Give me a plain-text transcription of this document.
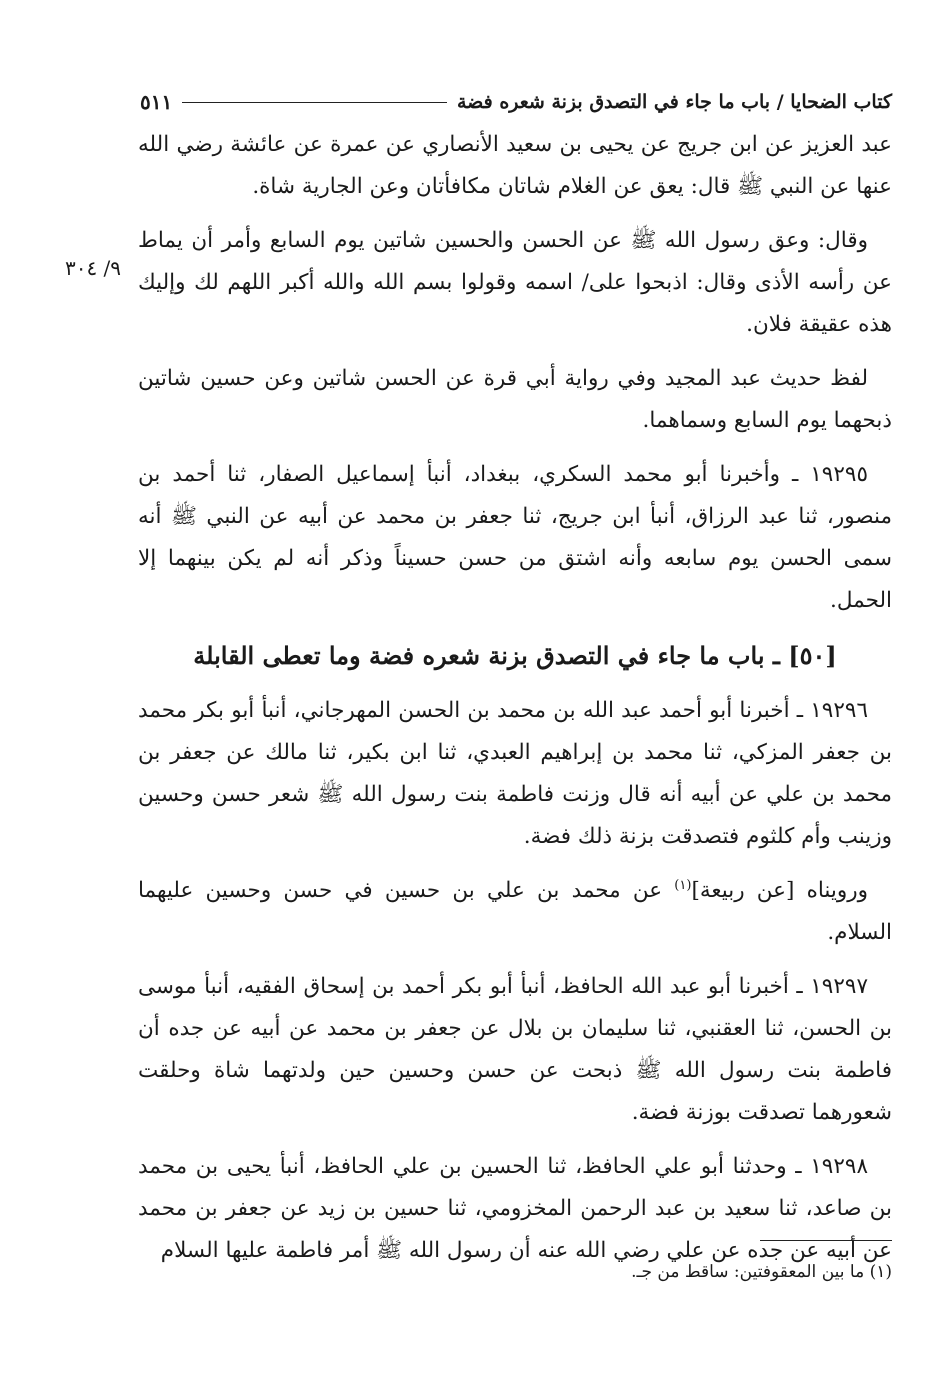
كتاب الضحايا / باب ما جاء في التصدق بزنة شعره فضة
٥١١
٩/ ٣٠٤

عبد العزيز عن ابن جريج عن يحيى بن سعيد الأنصاري عن عمرة عن عائشة رضي الله عنها عن النبي ﷺ قال: يعق عن الغلام شاتان مكافأتان وعن الجارية شاة.

وقال: وعق رسول الله ﷺ عن الحسن والحسين شاتين يوم السابع وأمر أن يماط عن رأسه الأذى وقال: اذبحوا على/ اسمه وقولوا بسم الله والله أكبر اللهم لك وإليك هذه عقيقة فلان.

لفظ حديث عبد المجيد وفي رواية أبي قرة عن الحسن شاتين وعن حسين شاتين ذبحهما يوم السابع وسماهما.

١٩٢٩٥ ـ وأخبرنا أبو محمد السكري، ببغداد، أنبأ إسماعيل الصفار، ثنا أحمد بن منصور، ثنا عبد الرزاق، أنبأ ابن جريج، ثنا جعفر بن محمد عن أبيه عن النبي ﷺ أنه سمى الحسن يوم سابعه وأنه اشتق من حسن حسيناً وذكر أنه لم يكن بينهما إلا الحمل.

[٥٠] ـ باب ما جاء في التصدق بزنة شعره فضة وما تعطى القابلة

١٩٢٩٦ ـ أخبرنا أبو أحمد عبد الله بن محمد بن الحسن المهرجاني، أنبأ أبو بكر محمد بن جعفر المزكي، ثنا محمد بن إبراهيم العبدي، ثنا ابن بكير، ثنا مالك عن جعفر بن محمد بن علي عن أبيه أنه قال وزنت فاطمة بنت رسول الله ﷺ شعر حسن وحسين وزينب وأم كلثوم فتصدقت بزنة ذلك فضة.

ورويناه [عن ربيعة]$^{(١)}$ عن محمد بن علي بن حسين في حسن وحسين عليهما السلام.

١٩٢٩٧ ـ أخبرنا أبو عبد الله الحافظ، أنبأ أبو بكر أحمد بن إسحاق الفقيه، أنبأ موسى بن الحسن، ثنا العقنبي، ثنا سليمان بن بلال عن جعفر بن محمد عن أبيه عن جده أن فاطمة بنت رسول الله ﷺ ذبحت عن حسن وحسين حين ولدتهما شاة وحلقت شعورهما تصدقت بوزنة فضة.

١٩٢٩٨ ـ وحدثنا أبو علي الحافظ، ثنا الحسين بن علي الحافظ، أنبأ يحيى بن محمد بن صاعد، ثنا سعيد بن عبد الرحمن المخزومي، ثنا حسين بن زيد عن جعفر بن محمد عن أبيه عن جده عن علي رضي الله عنه أن رسول الله ﷺ أمر فاطمة عليها السلام

(١) ما بين المعقوفتين: ساقط من جـ.
